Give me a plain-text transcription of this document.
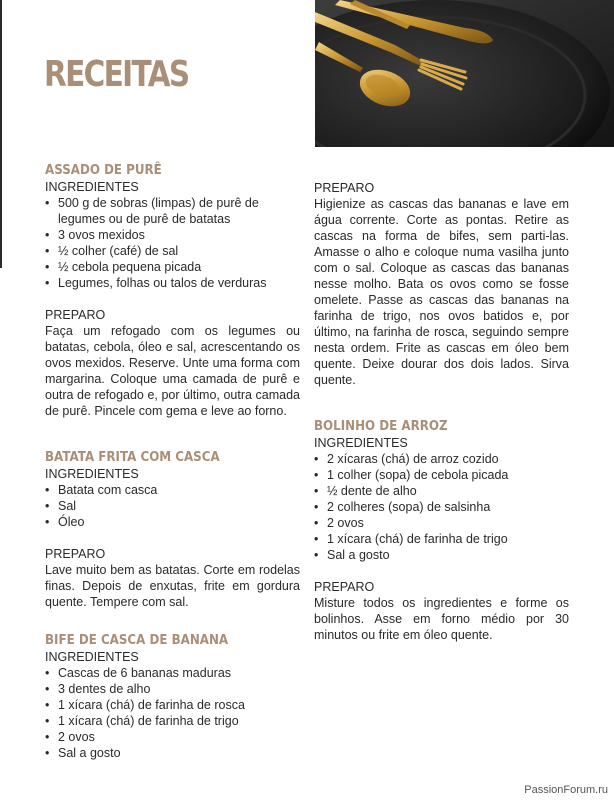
RECEITAS
ASSADO DE PURÊ

INGREDIENTES

• 500 g de sobras (limpas) de purê de legumes ou de purê de batatas
• 3 ovos mexidos
• ½ colher (café) de sal
• ½ cebola pequena picada
• Legumes, folhas ou talos de verduras

PREPARO

Faça um refogado com os legumes ou batatas, cebola, óleo e sal, acrescentando os ovos mexidos. Reserve. Unte uma forma com margarina. Coloque uma camada de purê e outra de refogado e, por último, outra camada de purê. Pincele com gema e leve ao forno.

BATATA FRITA COM CASCA

INGREDIENTES

• Batata com casca
• Sal
• Óleo

PREPARO

Lave muito bem as batatas. Corte em rodelas finas. Depois de enxutas, frite em gordura quente. Tempere com sal.

BIFE DE CASCA DE BANANA

INGREDIENTES

• Cascas de 6 bananas maduras
• 3 dentes de alho
• 1 xícara (chá) de farinha de rosca
• 1 xícara (chá) de farinha de trigo
• 2 ovos
• Sal a gosto

PREPARO

Higienize as cascas das bananas e lave em água corrente. Corte as pontas. Retire as cascas na forma de bifes, sem parti-las. Amasse o alho e coloque numa vasilha junto com o sal. Coloque as cascas das bananas nesse molho. Bata os ovos como se fosse omelete. Passe as cascas das bananas na farinha de trigo, nos ovos batidos e, por último, na farinha de rosca, seguindo sempre nesta ordem. Frite as cascas em óleo bem quente. Deixe dourar dos dois lados. Sirva quente.

BOLINHO DE ARROZ

INGREDIENTES

• 2 xícaras (chá) de arroz cozido
• 1 colher (sopa) de cebola picada
• ½ dente de alho
• 2 colheres (sopa) de salsinha
• 2 ovos
• 1 xícara (chá) de farinha de trigo
• Sal a gosto

PREPARO

Misture todos os ingredientes e forme os bolinhos. Asse em forno médio por 30 minutos ou frite em óleo quente.

PassionForum.ru
